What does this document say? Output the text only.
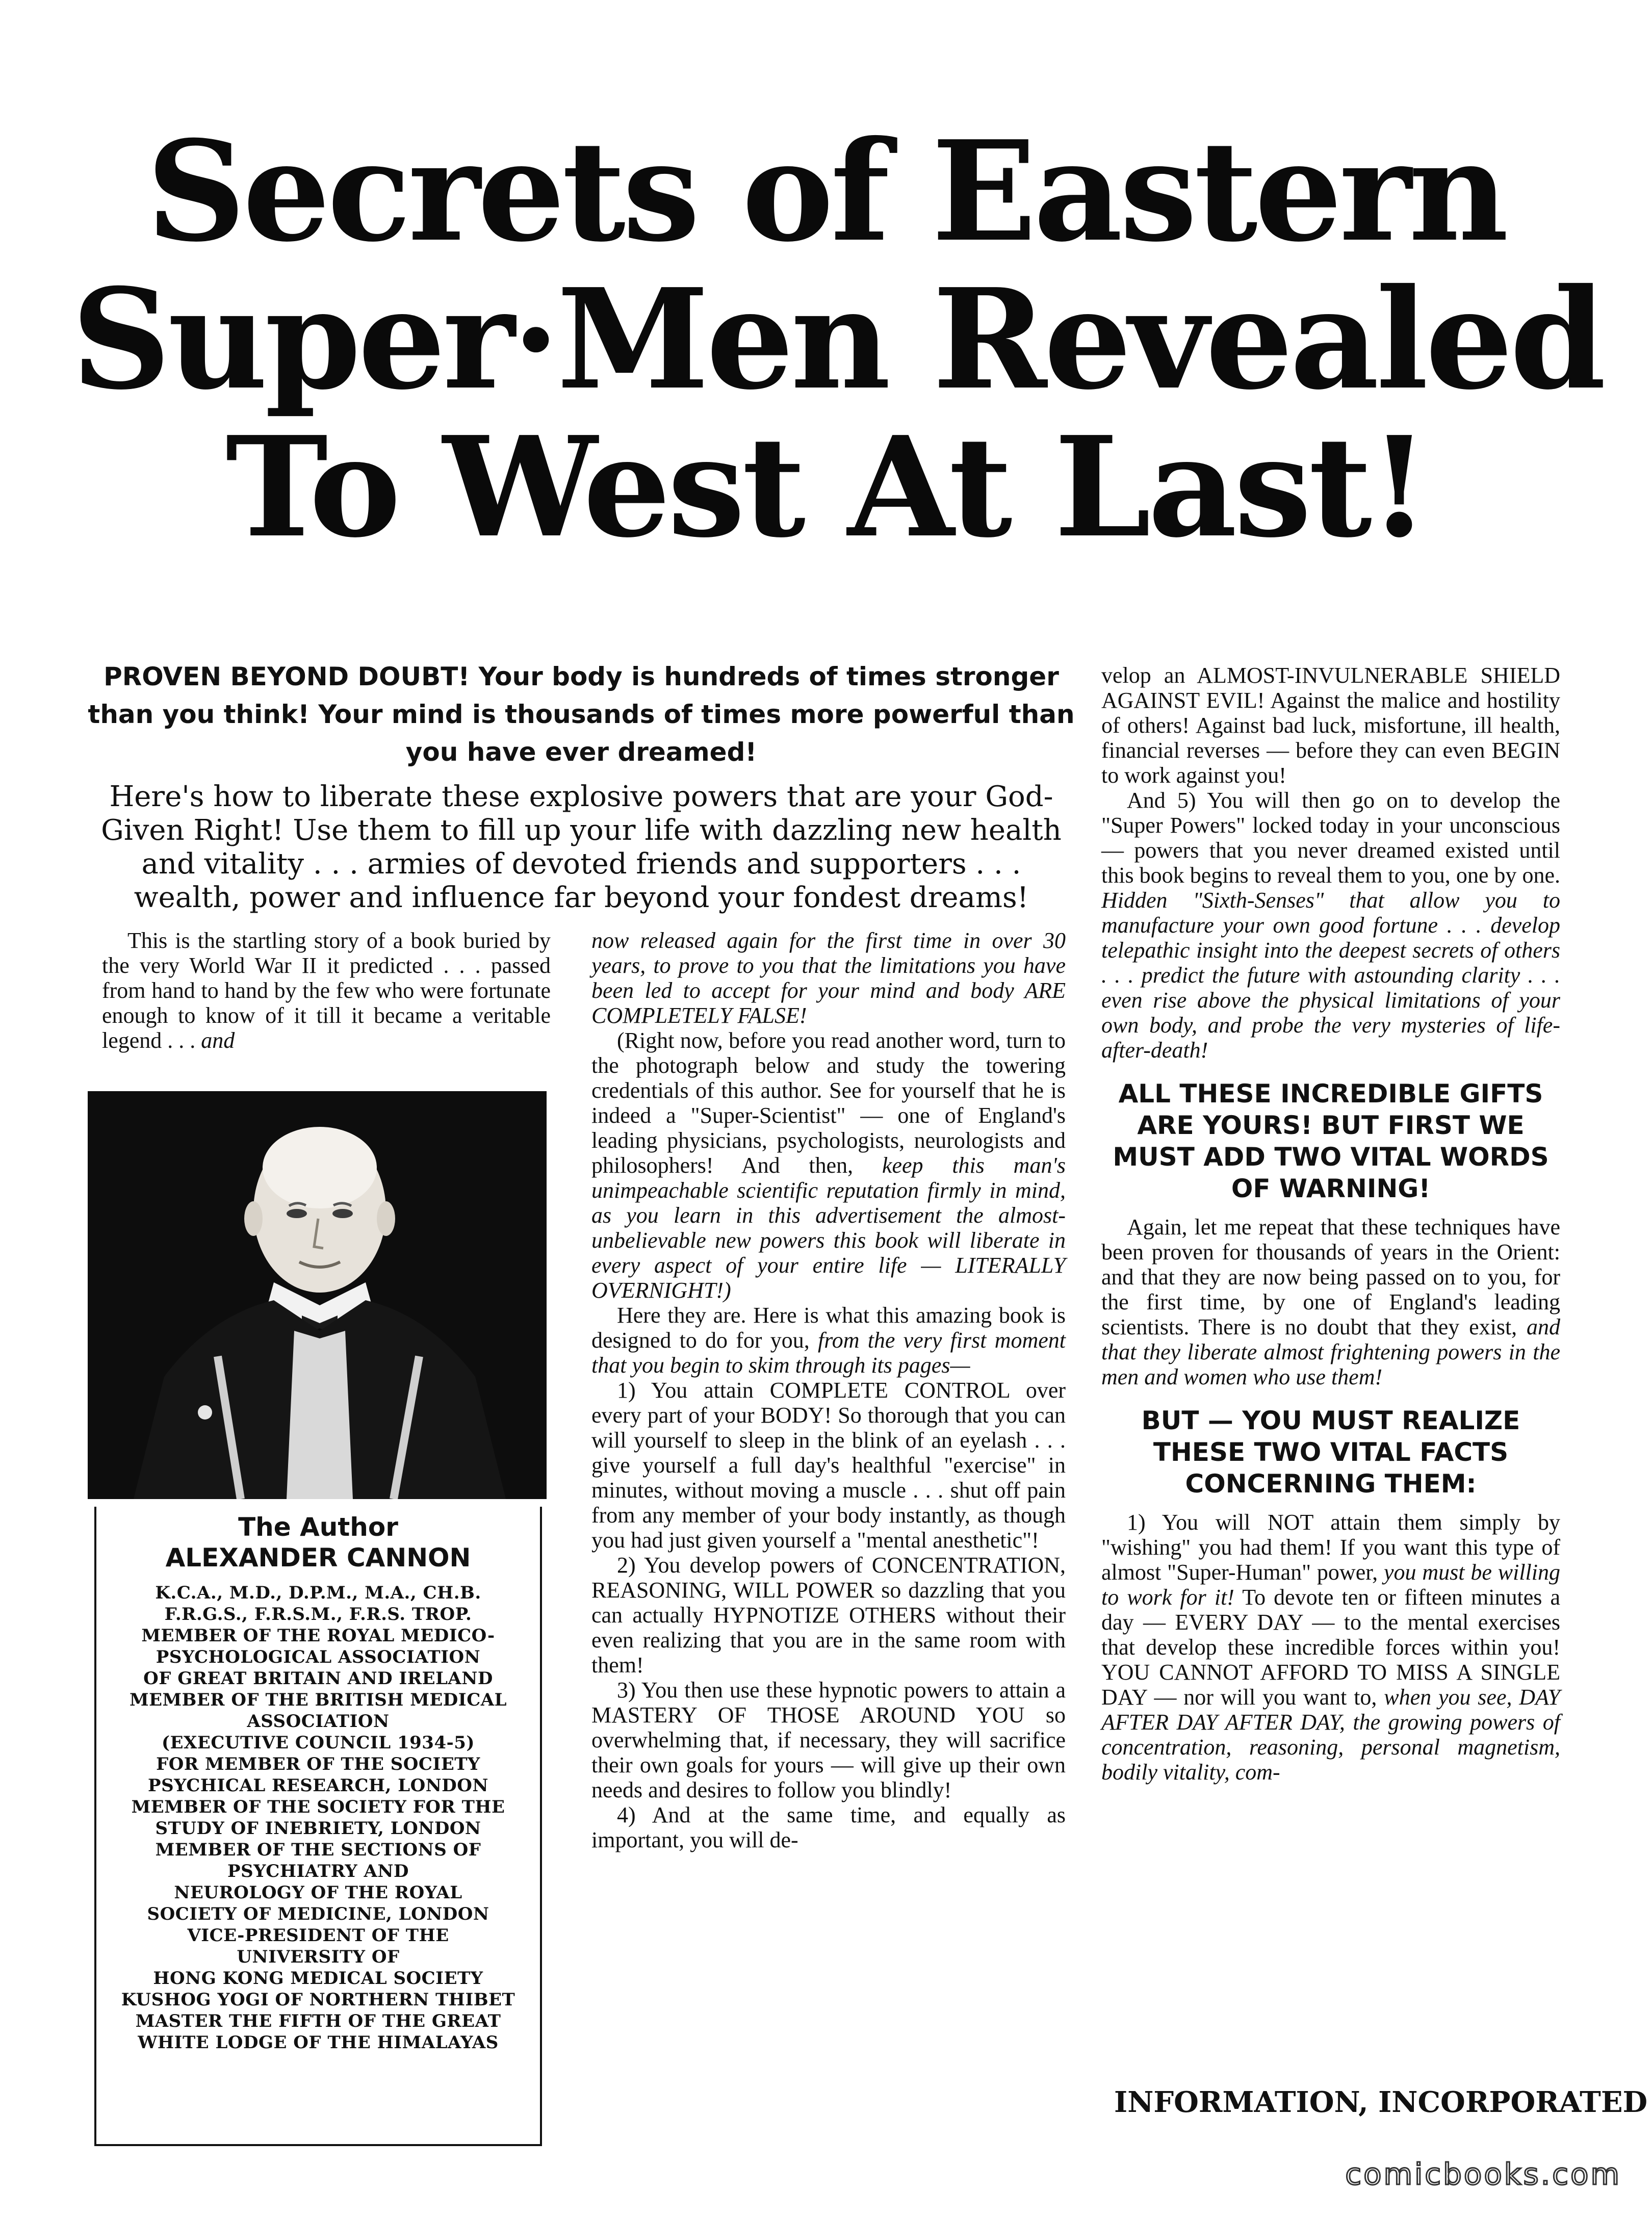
Secrets of Eastern
Super·Men Revealed
To West At Last!
PROVEN BEYOND DOUBT! Your body is hundreds of times stronger than you think! Your mind is thousands of times more powerful than you have ever dreamed!
Here's how to liberate these explosive powers that are your God-Given Right! Use them to fill up your life with dazzling new health and vitality . . . armies of devoted friends and supporters . . . wealth, power and influence far beyond your fondest dreams!

This is the startling story of a book buried by the very World War II it predicted . . . passed from hand to hand by the few who were fortunate enough to know of it till it became a veritable legend . . . and

The Author
ALEXANDER CANNON
K.C.A., M.D., D.P.M., M.A., CH.B.
F.R.G.S., F.R.S.M., F.R.S. TROP.
MEMBER OF THE ROYAL MEDICO-
PSYCHOLOGICAL ASSOCIATION
OF GREAT BRITAIN AND IRELAND
MEMBER OF THE BRITISH MEDICAL
ASSOCIATION
(EXECUTIVE COUNCIL 1934-5)
FOR MEMBER OF THE SOCIETY
PSYCHICAL RESEARCH, LONDON
MEMBER OF THE SOCIETY FOR THE
STUDY OF INEBRIETY, LONDON
MEMBER OF THE SECTIONS OF
PSYCHIATRY AND
NEUROLOGY OF THE ROYAL
SOCIETY OF MEDICINE, LONDON
VICE-PRESIDENT OF THE
UNIVERSITY OF
HONG KONG MEDICAL SOCIETY
KUSHOG YOGI OF NORTHERN THIBET
MASTER THE FIFTH OF THE GREAT
WHITE LODGE OF THE HIMALAYAS

now released again for the first time in over 30 years, to prove to you that the limitations you have been led to accept for your mind and body ARE COMPLETELY FALSE!

(Right now, before you read another word, turn to the photograph below and study the towering credentials of this author. See for yourself that he is indeed a "Super-Scientist" — one of England's leading physicians, psychologists, neurologists and philosophers! And then, keep this man's unimpeachable scientific reputation firmly in mind, as you learn in this advertisement the almost-unbelievable new powers this book will liberate in every aspect of your entire life — LITERALLY OVERNIGHT!)

Here they are. Here is what this amazing book is designed to do for you, from the very first moment that you begin to skim through its pages—

1) You attain COMPLETE CONTROL over every part of your BODY! So thorough that you can will yourself to sleep in the blink of an eyelash . . . give yourself a full day's healthful "exercise" in minutes, without moving a muscle . . . shut off pain from any member of your body instantly, as though you had just given yourself a "mental anesthetic"!

2) You develop powers of CONCENTRATION, REASONING, WILL POWER so dazzling that you can actually HYPNOTIZE OTHERS without their even realizing that you are in the same room with them!

3) You then use these hypnotic powers to attain a MASTERY OF THOSE AROUND YOU so overwhelming that, if necessary, they will sacrifice their own goals for yours — will give up their own needs and desires to follow you blindly!

4) And at the same time, and equally as important, you will de-

velop an ALMOST-INVULNERABLE SHIELD AGAINST EVIL! Against the malice and hostility of others! Against bad luck, misfortune, ill health, financial reverses — before they can even BEGIN to work against you!

And 5) You will then go on to develop the "Super Powers" locked today in your unconscious — powers that you never dreamed existed until this book begins to reveal them to you, one by one. Hidden "Sixth-Senses" that allow you to manufacture your own good fortune . . . develop telepathic insight into the deepest secrets of others . . . predict the future with astounding clarity . . . even rise above the physical limitations of your own body, and probe the very mysteries of life-after-death!

ALL THESE INCREDIBLE GIFTS ARE YOURS! BUT FIRST WE MUST ADD TWO VITAL WORDS OF WARNING!

Again, let me repeat that these techniques have been proven for thousands of years in the Orient: and that they are now being passed on to you, for the first time, by one of England's leading scientists. There is no doubt that they exist, and that they liberate almost frightening powers in the men and women who use them!

BUT — YOU MUST REALIZE THESE TWO VITAL FACTS CONCERNING THEM:

1) You will NOT attain them simply by "wishing" you had them! If you want this type of almost "Super-Human" power, you must be willing to work for it! To devote ten or fifteen minutes a day — EVERY DAY — to the mental exercises that develop these incredible forces within you! YOU CANNOT AFFORD TO MISS A SINGLE DAY — nor will you want to, when you see, DAY AFTER DAY AFTER DAY, the growing powers of concentration, reasoning, personal magnetism, bodily vitality, com-

INFORMATION, INCORPORATED
comicbooks.com
